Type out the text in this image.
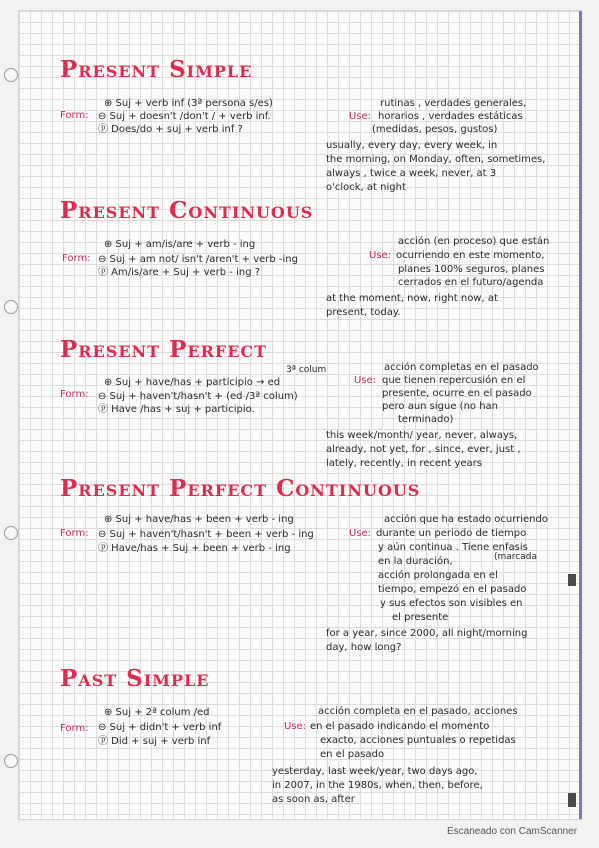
Present Simple
⊕ Suj + verb inf (3ª persona s/es)
Form: ⊖ Suj + doesn't /don't / + verb inf.
ⓟ Does/do + suj + verb inf ?
rutinas , verdades generales,
Use: horarios , verdades estáticas
(medidas, pesos, gustos)
usually, every day, every week, in
the morning, on Monday, often, sometimes,
always , twice a week, never, at 3
o'clock, at night
Present Continuous
⊕ Suj + am/is/are + verb - ing
Form: ⊖ Suj + am not/ isn't /aren't + verb -ing
ⓟ Am/is/are + Suj + verb - ing ?
acción (en proceso) que están
Use: ocurriendo en este momento,
planes 100% seguros, planes
cerrados en el futuro/agenda
at the moment, now, right now, at
present, today.
Present Perfect
3ª colum
⊕ Suj + have/has + participio → ed
Form: ⊖ Suj + haven't/hasn't + (ed /3ª colum)
ⓟ Have /has + suj + participio.
acción completas en el pasado
Use: que tienen repercusión en el
presente, ocurre en el pasado
pero aun sigue (no han
terminado)
this week/month/ year, never, always,
already, not yet, for , since, ever, just ,
lately, recently, in recent years
Present Perfect Continuous
⊕ Suj + have/has + been + verb - ing
Form: ⊖ Suj + haven't/hasn't + been + verb - ing
ⓟ Have/has + Suj + been + verb - ing
acción que ha estado ocurriendo
Use: durante un periodo de tiempo
y aún continua . Tiene enfasis
en la duración,	(marcada
acción prolongada en el
tiempo, empezó en el pasado
y sus efectos son visibles en
el presente
for a year, since 2000, all night/morning
day, how long?
Past Simple
⊕ Suj + 2ª colum /ed
Form: ⊖ Suj + didn't + verb inf
ⓟ Did + suj + verb inf
acción completa en el pasado, acciones
Use: en el pasado indicando el momento
exacto, acciones puntuales o repetidas
en el pasado
yesterday, last week/year, two days ago,
in 2007, in the 1980s, when, then, before,
as soon as, after
Escaneado con CamScanner
